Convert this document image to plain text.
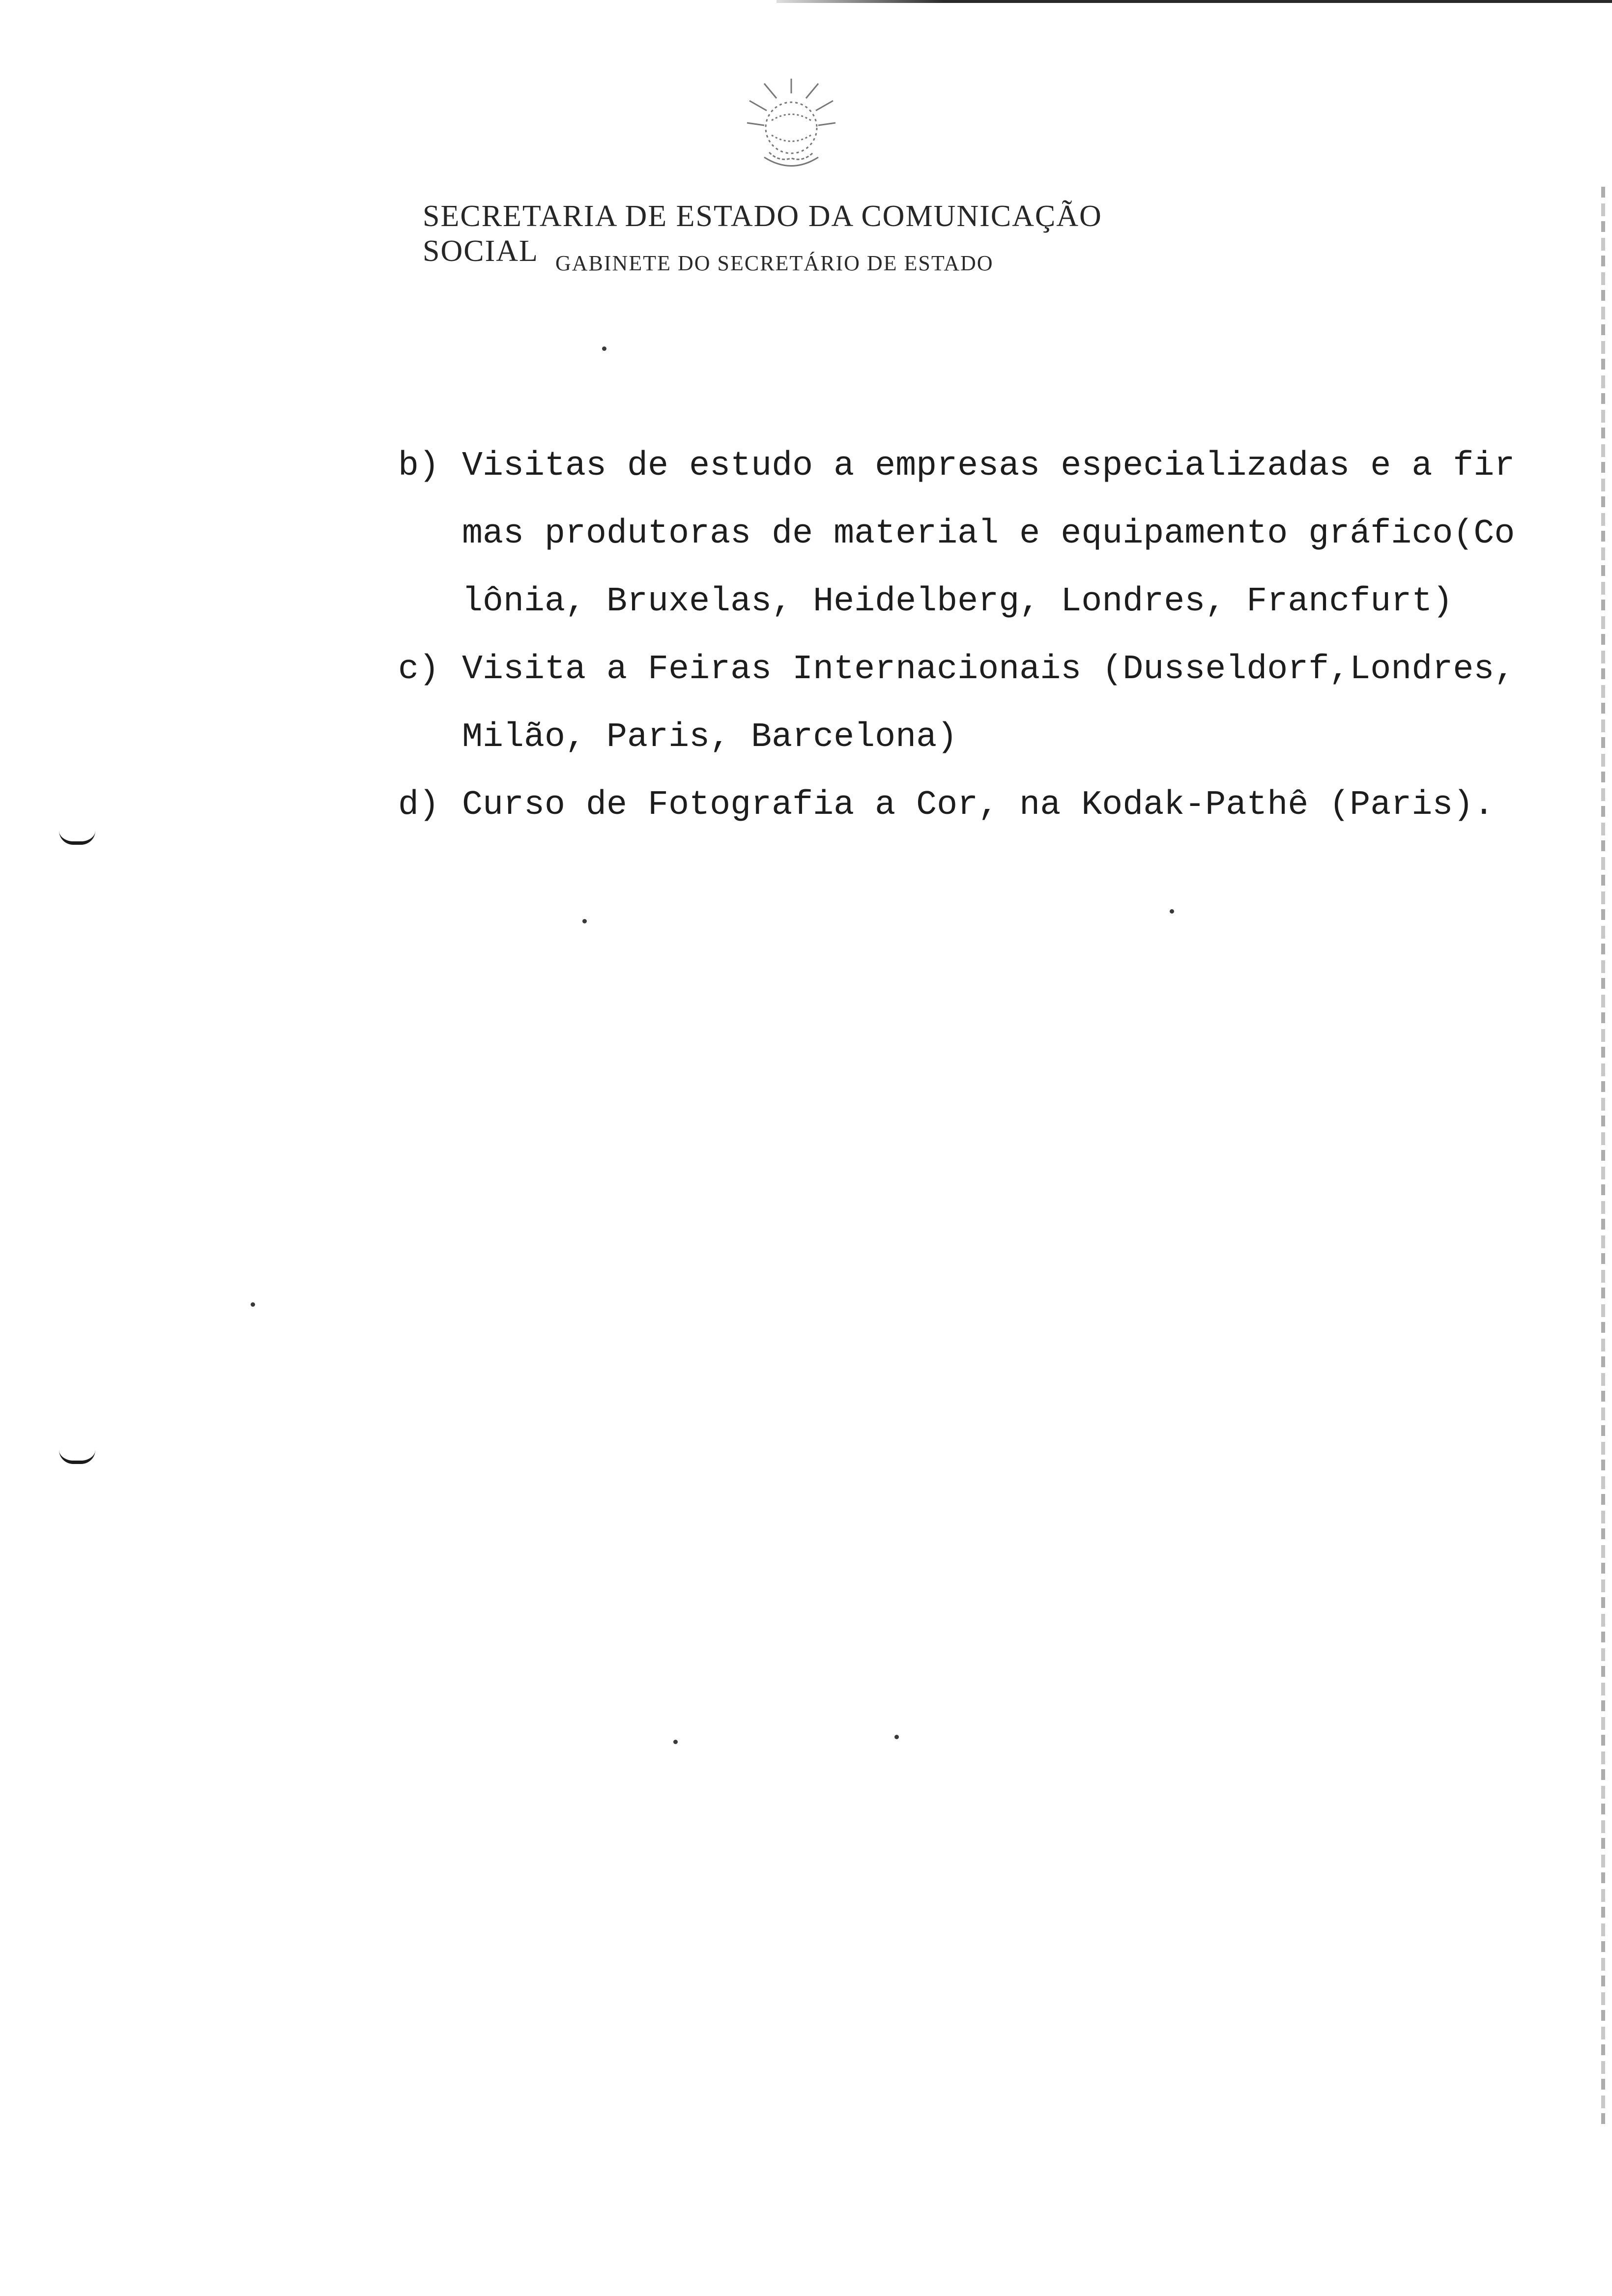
SECRETARIA DE ESTADO DA COMUNICAÇÃO SOCIAL GABINETE DO SECRETÁRIO DE ESTADO
b) Visitas de estudo a empresas especializadas e a fir
mas produtoras de material e equipamento gráfico(Co
lônia, Bruxelas, Heidelberg, Londres, Francfurt)
c) Visita a Feiras Internacionais (Dusseldorf,Londres,
Milão, Paris, Barcelona)
d) Curso de Fotografia a Cor, na Kodak-Pathê (Paris).
